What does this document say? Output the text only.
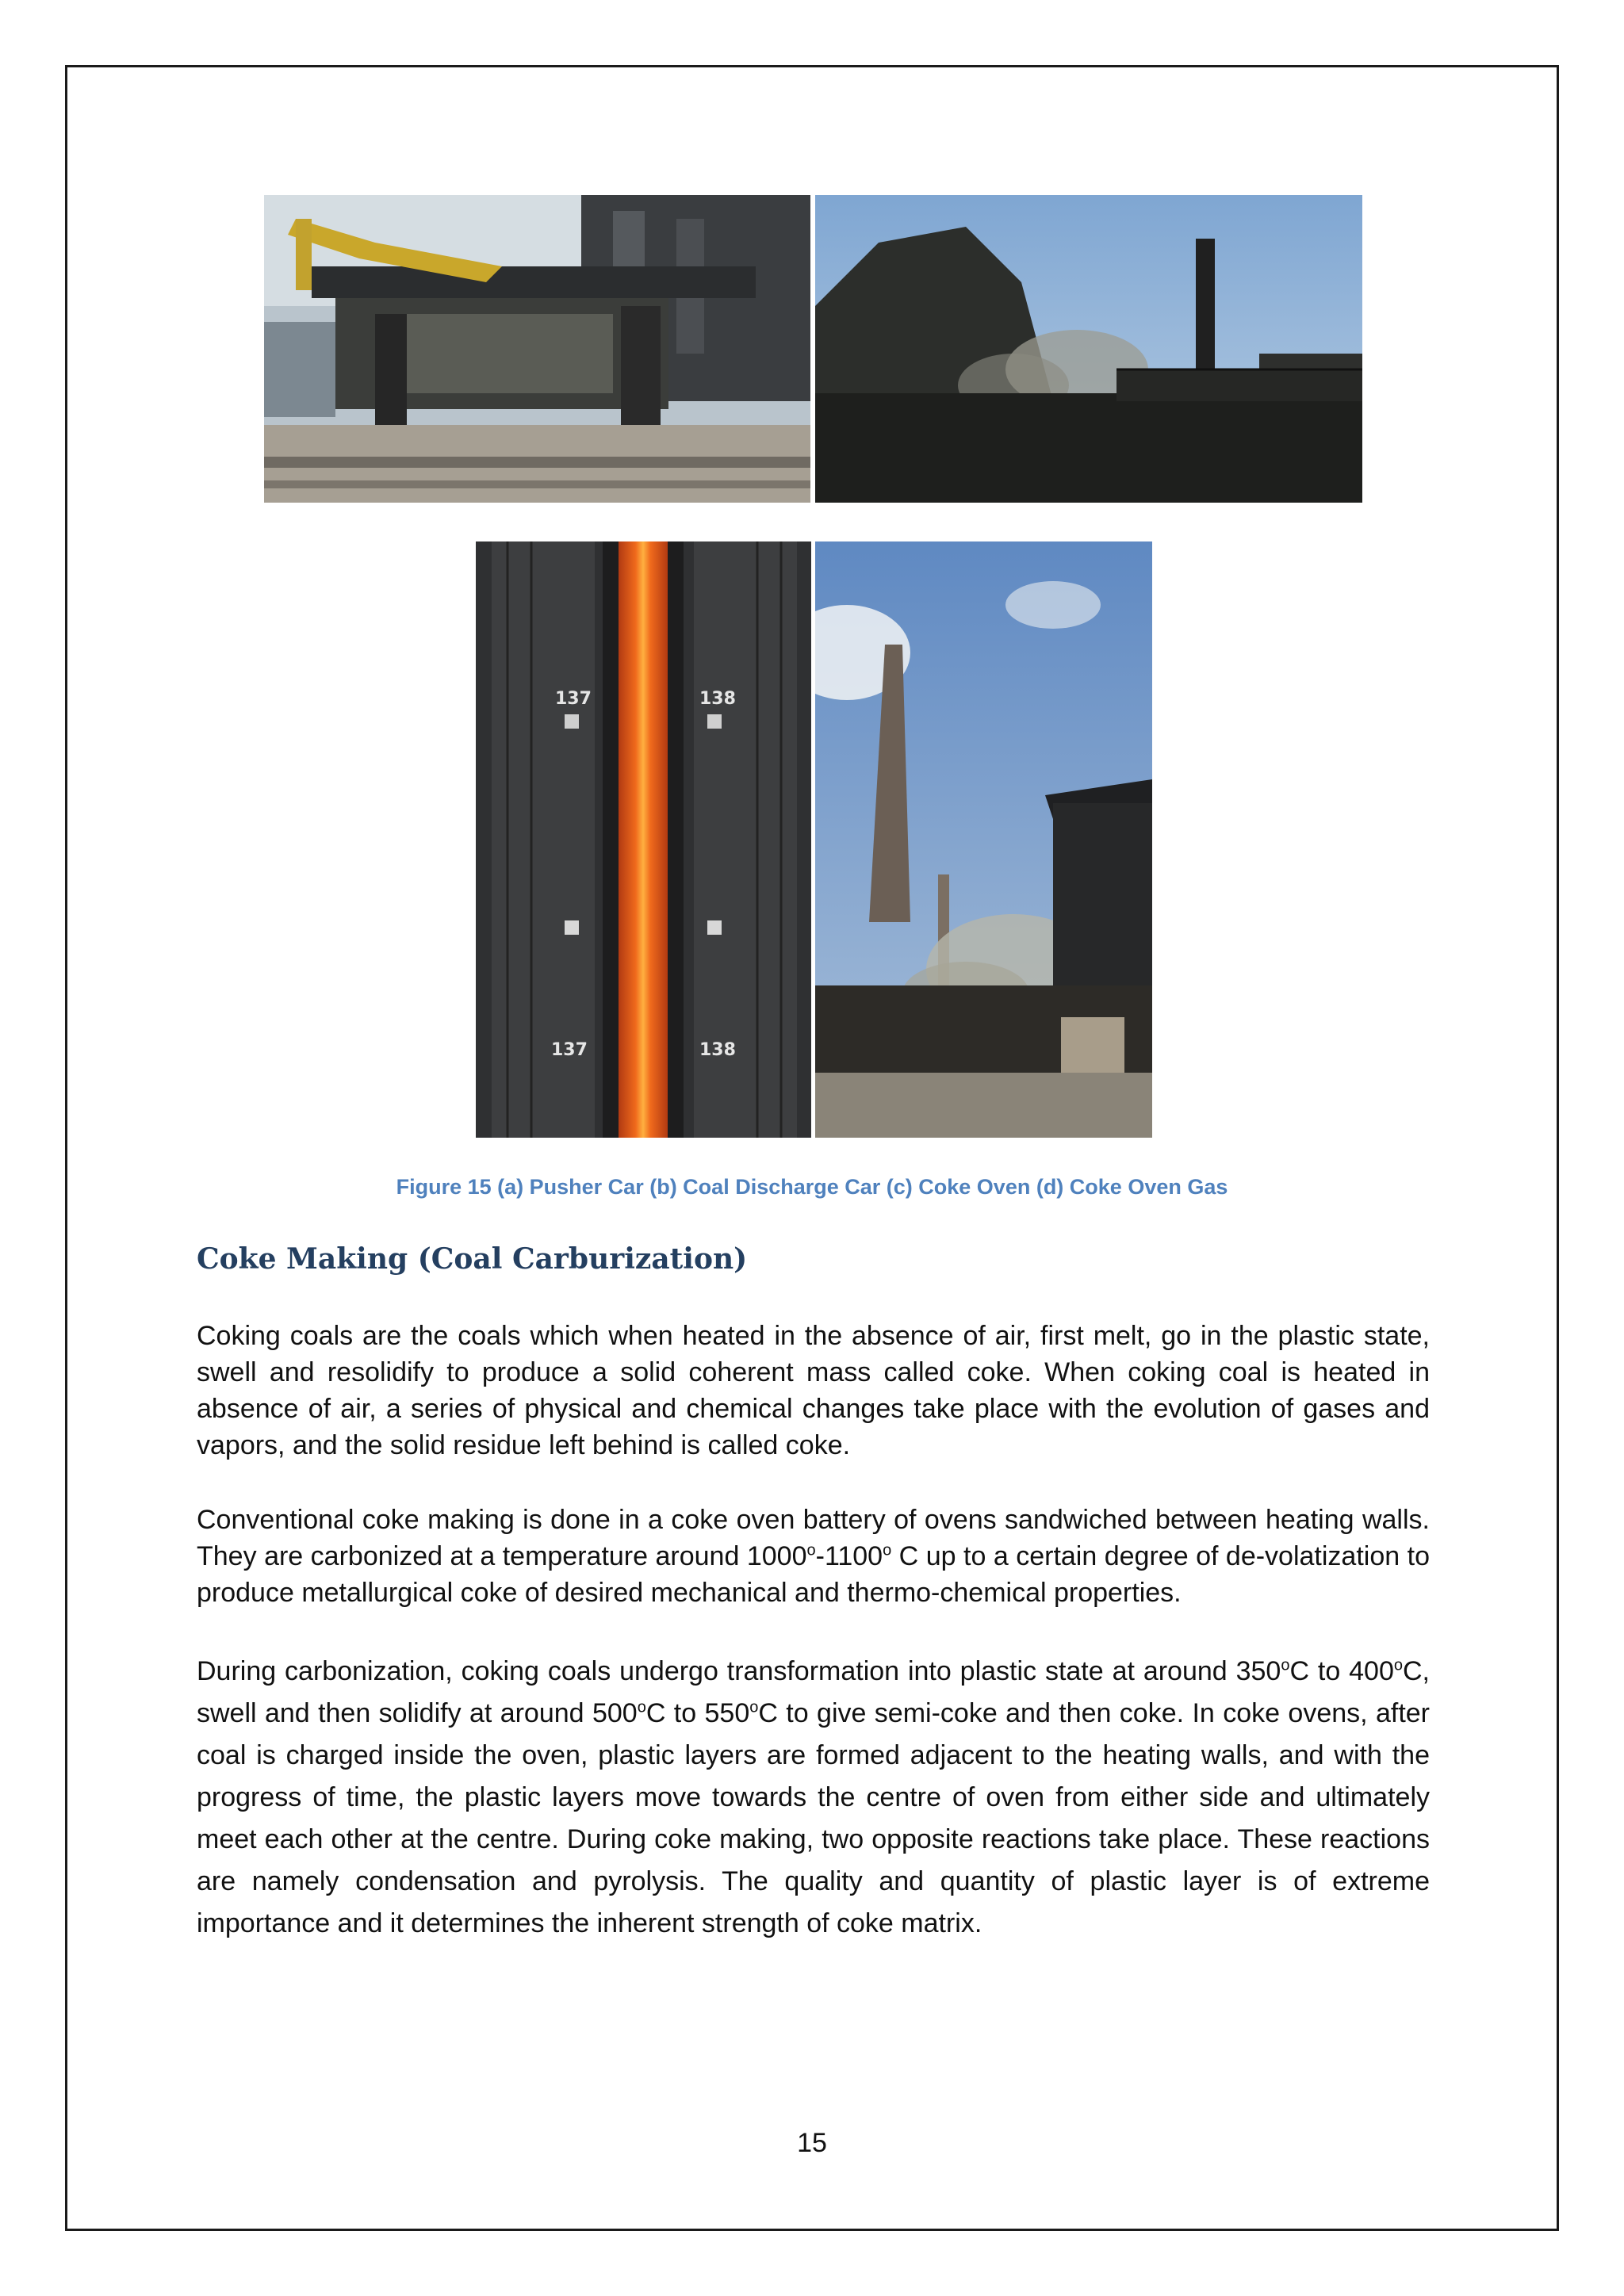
137	138
137	138
Figure 15 (a) Pusher Car (b) Coal Discharge Car (c) Coke Oven (d) Coke Oven Gas
Coke Making (Coal Carburization)

Coking coals are the coals which when heated in the absence of air, first melt, go in the plastic state, swell and resolidify to produce a solid coherent mass called coke. When coking coal is heated in absence of air, a series of physical and chemical changes take place with the evolution of gases and vapors, and the solid residue left behind is called coke.

Conventional coke making is done in a coke oven battery of ovens sandwiched between heating walls. They are carbonized at a temperature around 1000$^o$-1100$^o$ C up to a certain degree of de-volatization to produce metallurgical coke of desired mechanical and thermo-chemical properties.

During carbonization, coking coals undergo transformation into plastic state at around 350$^o$C to 400$^o$C, swell and then solidify at around 500$^o$C to 550$^o$C to give semi-coke and then coke. In coke ovens, after coal is charged inside the oven, plastic layers are formed adjacent to the heating walls, and with the progress of time, the plastic layers move towards the centre of oven from either side and ultimately meet each other at the centre. During coke making, two opposite reactions take place. These reactions are namely condensation and pyrolysis. The quality and quantity of plastic layer is of extreme importance and it determines the inherent strength of coke matrix.

15
